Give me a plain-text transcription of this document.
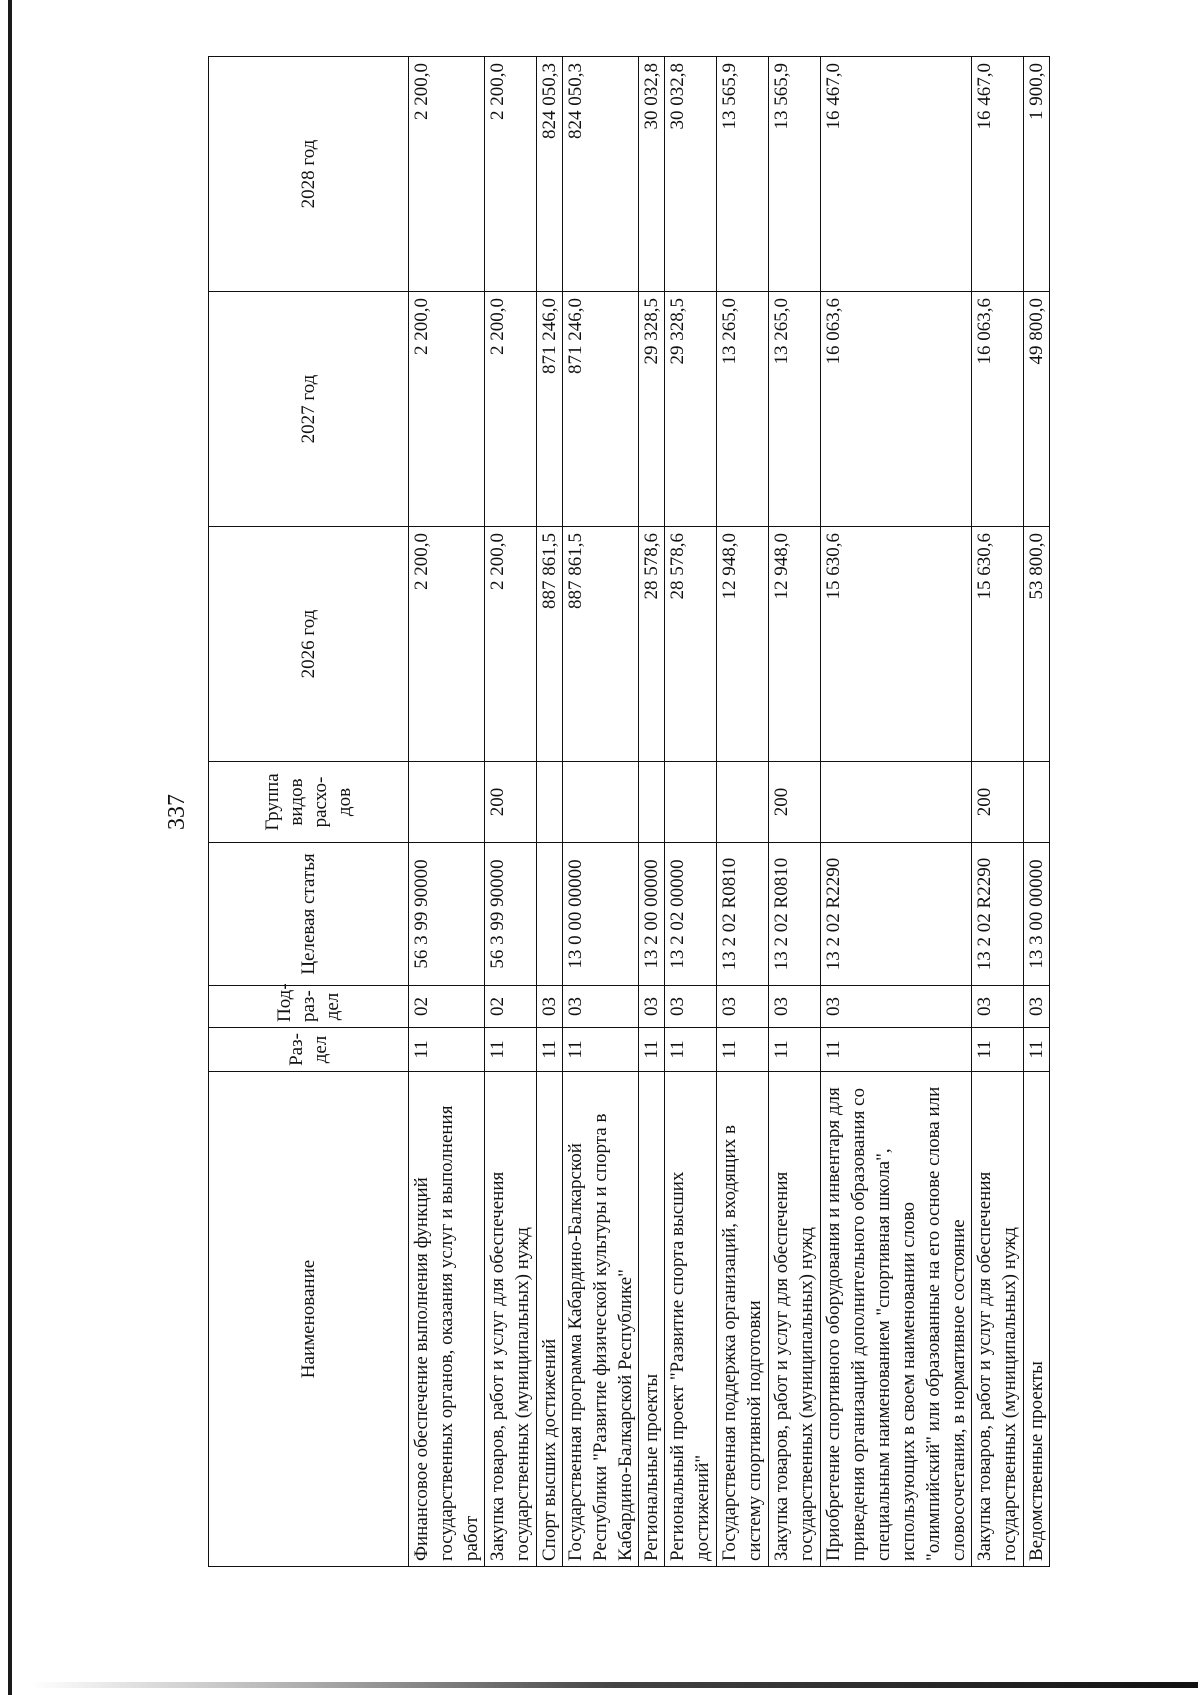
337
Наименование	Раз-дел	Под-раз-дел	Целевая статья	Группа видов расхо-дов	2026 год	2027 год	2028 год
Финансовое обеспечение выполнения функций государственных органов, оказания услуг и выполнения работ	11	02	56 3 99 90000		2 200,0	2 200,0	2 200,0
Закупка товаров, работ и услуг для обеспечения государственных (муниципальных) нужд	11	02	56 3 99 90000	200	2 200,0	2 200,0	2 200,0
Спорт высших достижений	11	03			887 861,5	871 246,0	824 050,3
Государственная программа Кабардино-Балкарской Республики "Развитие физической культуры и спорта в Кабардино-Балкарской Республике"	11	03	13 0 00 00000		887 861,5	871 246,0	824 050,3
Региональные проекты	11	03	13 2 00 00000		28 578,6	29 328,5	30 032,8
Региональный проект "Развитие спорта высших достижений"	11	03	13 2 02 00000		28 578,6	29 328,5	30 032,8
Государственная поддержка организаций, входящих в систему спортивной подготовки	11	03	13 2 02 R0810		12 948,0	13 265,0	13 565,9
Закупка товаров, работ и услуг для обеспечения государственных (муниципальных) нужд	11	03	13 2 02 R0810	200	12 948,0	13 265,0	13 565,9
Приобретение спортивного оборудования и инвентаря для приведения организаций дополнительного образования со специальным наименованием "спортивная школа", использующих в своем наименовании слово "олимпийский" или образованные на его основе слова или словосочетания, в нормативное состояние	11	03	13 2 02 R2290		15 630,6	16 063,6	16 467,0
Закупка товаров, работ и услуг для обеспечения государственных (муниципальных) нужд	11	03	13 2 02 R2290	200	15 630,6	16 063,6	16 467,0
Ведомственные проекты	11	03	13 3 00 00000		53 800,0	49 800,0	1 900,0
